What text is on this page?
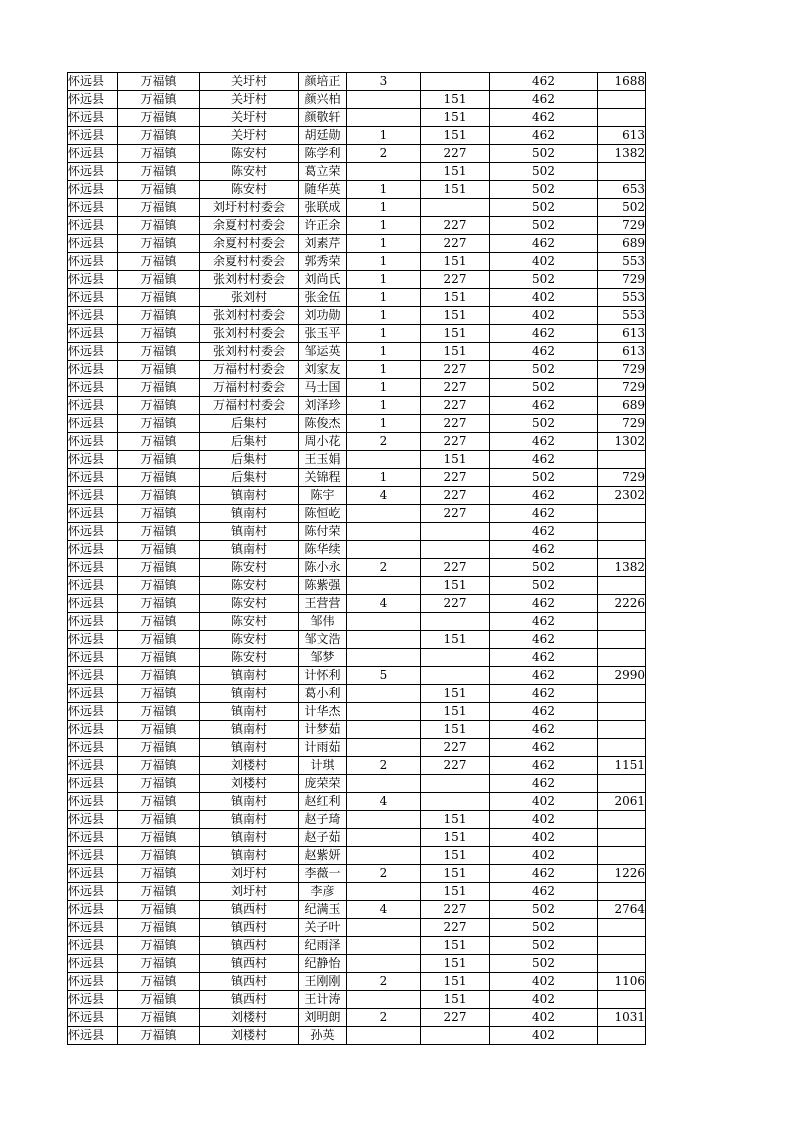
怀远县	万福镇	关圩村	颜培正	3		462	1688
怀远县	万福镇	关圩村	颜兴柏		151	462	
怀远县	万福镇	关圩村	颜敬轩		151	462	
怀远县	万福镇	关圩村	胡廷勋	1	151	462	613
怀远县	万福镇	陈安村	陈学利	2	227	502	1382
怀远县	万福镇	陈安村	葛立荣		151	502	
怀远县	万福镇	陈安村	随华英	1	151	502	653
怀远县	万福镇	刘圩村村委会	张联成	1		502	502
怀远县	万福镇	余夏村村委会	许正余	1	227	502	729
怀远县	万福镇	余夏村村委会	刘素芹	1	227	462	689
怀远县	万福镇	余夏村村委会	郭秀荣	1	151	402	553
怀远县	万福镇	张刘村村委会	刘尚氏	1	227	502	729
怀远县	万福镇	张刘村	张金伍	1	151	402	553
怀远县	万福镇	张刘村村委会	刘功勋	1	151	402	553
怀远县	万福镇	张刘村村委会	张玉平	1	151	462	613
怀远县	万福镇	张刘村村委会	邹运英	1	151	462	613
怀远县	万福镇	万福村村委会	刘家友	1	227	502	729
怀远县	万福镇	万福村村委会	马士国	1	227	502	729
怀远县	万福镇	万福村村委会	刘泽珍	1	227	462	689
怀远县	万福镇	后集村	陈俊杰	1	227	502	729
怀远县	万福镇	后集村	周小花	2	227	462	1302
怀远县	万福镇	后集村	王玉娟		151	462	
怀远县	万福镇	后集村	关锦程	1	227	502	729
怀远县	万福镇	镇南村	陈宇	4	227	462	2302
怀远县	万福镇	镇南村	陈恒屹		227	462	
怀远县	万福镇	镇南村	陈付荣			462	
怀远县	万福镇	镇南村	陈华续			462	
怀远县	万福镇	陈安村	陈小永	2	227	502	1382
怀远县	万福镇	陈安村	陈紫强		151	502	
怀远县	万福镇	陈安村	王营营	4	227	462	2226
怀远县	万福镇	陈安村	邹伟			462	
怀远县	万福镇	陈安村	邹文浩		151	462	
怀远县	万福镇	陈安村	邹梦			462	
怀远县	万福镇	镇南村	计怀利	5		462	2990
怀远县	万福镇	镇南村	葛小利		151	462	
怀远县	万福镇	镇南村	计华杰		151	462	
怀远县	万福镇	镇南村	计梦茹		151	462	
怀远县	万福镇	镇南村	计雨茹		227	462	
怀远县	万福镇	刘楼村	计琪	2	227	462	1151
怀远县	万福镇	刘楼村	庞荣荣			462	
怀远县	万福镇	镇南村	赵红利	4		402	2061
怀远县	万福镇	镇南村	赵子琦		151	402	
怀远县	万福镇	镇南村	赵子茹		151	402	
怀远县	万福镇	镇南村	赵紫妍		151	402	
怀远县	万福镇	刘圩村	李薇一	2	151	462	1226
怀远县	万福镇	刘圩村	李彦		151	462	
怀远县	万福镇	镇西村	纪满玉	4	227	502	2764
怀远县	万福镇	镇西村	关子叶		227	502	
怀远县	万福镇	镇西村	纪雨泽		151	502	
怀远县	万福镇	镇西村	纪静怡		151	502	
怀远县	万福镇	镇西村	王刚刚	2	151	402	1106
怀远县	万福镇	镇西村	王计涛		151	402	
怀远县	万福镇	刘楼村	刘明朗	2	227	402	1031
怀远县	万福镇	刘楼村	孙英			402	
